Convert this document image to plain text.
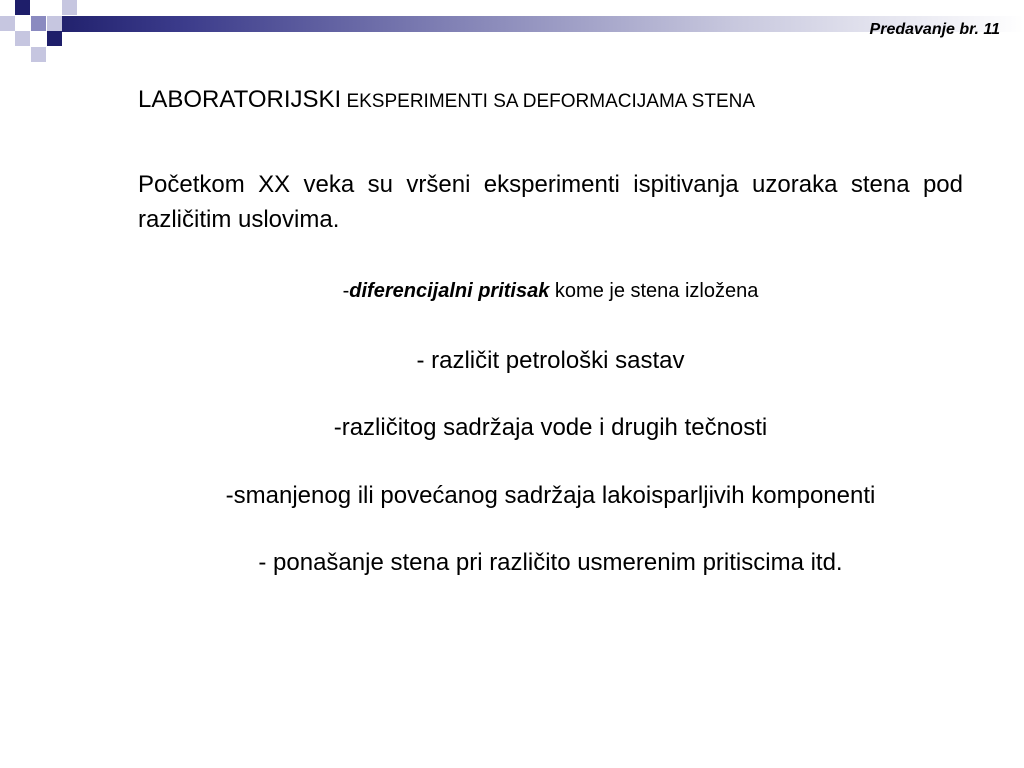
Predavanje br. 11
LABORATORIJSKI EKSPERIMENTI SA DEFORMACIJAMA STENA
Početkom XX veka su vršeni eksperimenti ispitivanja uzoraka stena pod različitim uslovima.
-diferencijalni pritisak kome je stena izložena
- različit petrološki sastav
-različitog sadržaja vode i drugih tečnosti
-smanjenog ili povećanog sadržaja lakoisparljivih komponenti
- ponašanje stena pri različito usmerenim pritiscima itd.
